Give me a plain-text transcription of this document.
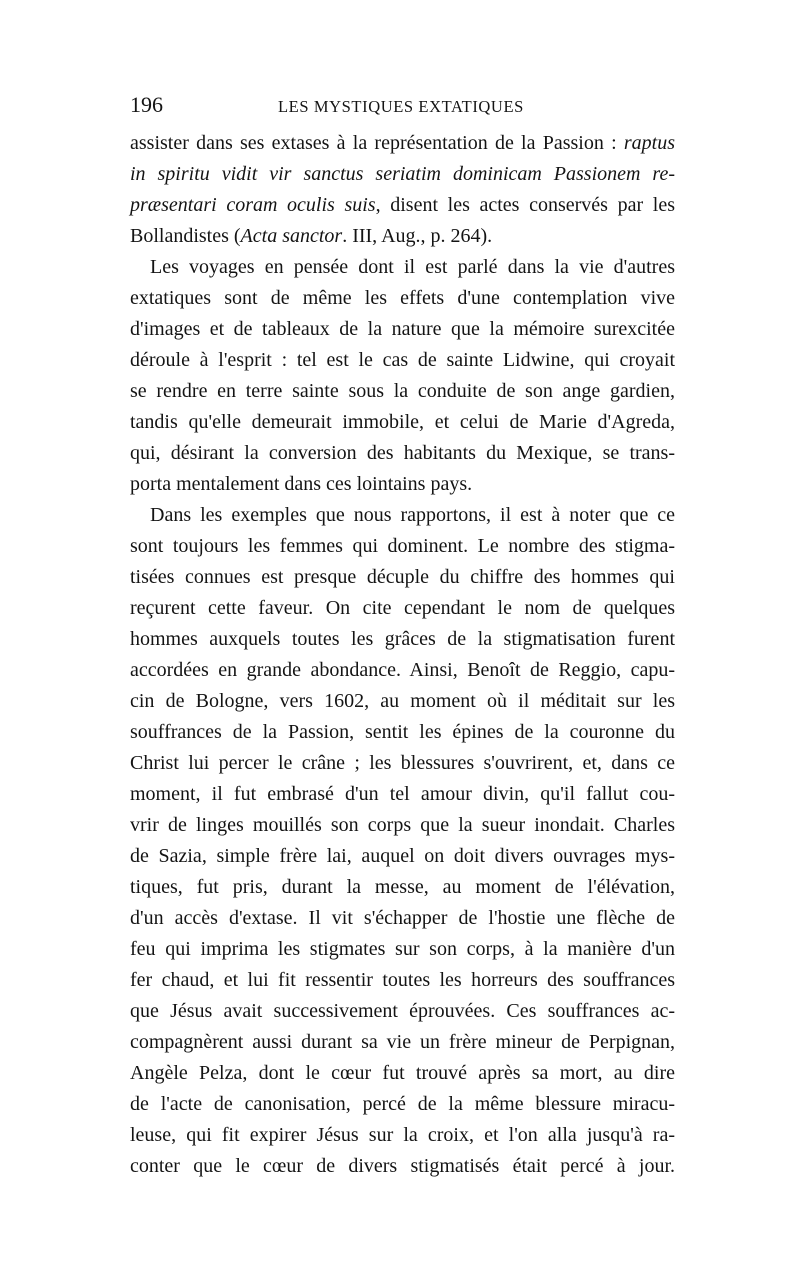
196	LES MYSTIQUES EXTATIQUES
assister dans ses extases à la représentation de la Passion : raptus
in spiritu vidit vir sanctus seriatim dominicam Passionem re-
præsentari coram oculis suis, disent les actes conservés par les
Bollandistes (Acta sanctor. III, Aug., p. 264).
Les voyages en pensée dont il est parlé dans la vie d'autres
extatiques sont de même les effets d'une contemplation vive
d'images et de tableaux de la nature que la mémoire surexcitée
déroule à l'esprit : tel est le cas de sainte Lidwine, qui croyait
se rendre en terre sainte sous la conduite de son ange gardien,
tandis qu'elle demeurait immobile, et celui de Marie d'Agreda,
qui, désirant la conversion des habitants du Mexique, se trans-
porta mentalement dans ces lointains pays.
Dans les exemples que nous rapportons, il est à noter que ce
sont toujours les femmes qui dominent. Le nombre des stigma-
tisées connues est presque décuple du chiffre des hommes qui
reçurent cette faveur. On cite cependant le nom de quelques
hommes auxquels toutes les grâces de la stigmatisation furent
accordées en grande abondance. Ainsi, Benoît de Reggio, capu-
cin de Bologne, vers 1602, au moment où il méditait sur les
souffrances de la Passion, sentit les épines de la couronne du
Christ lui percer le crâne ; les blessures s'ouvrirent, et, dans ce
moment, il fut embrasé d'un tel amour divin, qu'il fallut cou-
vrir de linges mouillés son corps que la sueur inondait. Charles
de Sazia, simple frère lai, auquel on doit divers ouvrages mys-
tiques, fut pris, durant la messe, au moment de l'élévation,
d'un accès d'extase. Il vit s'échapper de l'hostie une flèche de
feu qui imprima les stigmates sur son corps, à la manière d'un
fer chaud, et lui fit ressentir toutes les horreurs des souffrances
que Jésus avait successivement éprouvées. Ces souffrances ac-
compagnèrent aussi durant sa vie un frère mineur de Perpignan,
Angèle Pelza, dont le cœur fut trouvé après sa mort, au dire
de l'acte de canonisation, percé de la même blessure miracu-
leuse, qui fit expirer Jésus sur la croix, et l'on alla jusqu'à ra-
conter que le cœur de divers stigmatisés était percé à jour.
